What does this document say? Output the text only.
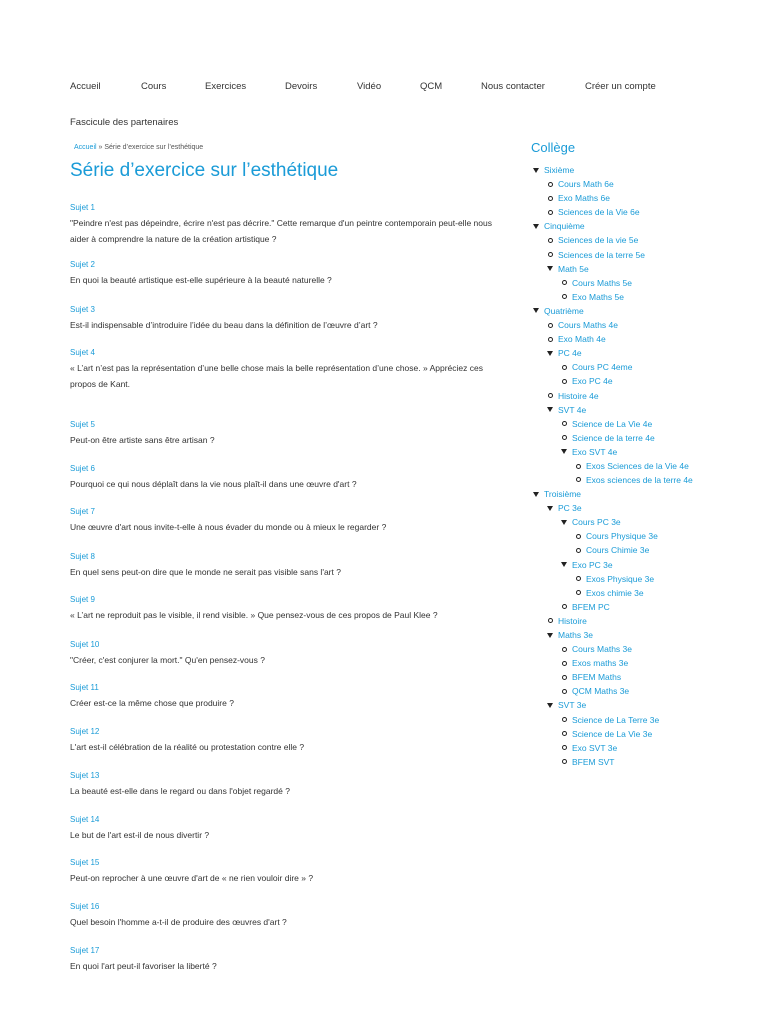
Accueil	Cours	Exercices	Devoirs	Vidéo	QCM	Nous contacter	Créer un compte
Fascicule des partenaires
Accueil » Série d’exercice sur l’esthétique
Série d’exercice sur l’esthétique
Sujet 1
"Peindre n'est pas dépeindre, écrire n'est pas décrire." Cette remarque d'un peintre contemporain peut-elle nous aider à comprendre la nature de la création artistique ?
Sujet 2
En quoi la beauté artistique est-elle supérieure à la beauté naturelle ?
Sujet 3
Est-il indispensable d’introduire l’idée du beau dans la définition de l’œuvre d’art ?
Sujet 4
« L’art n’est pas la représentation d’une belle chose mais la belle représentation d’une chose. » Appréciez ces propos de Kant.
Sujet 5
Peut-on être artiste sans être artisan ?
Sujet 6
Pourquoi ce qui nous déplaît dans la vie nous plaît-il dans une œuvre d'art ?
Sujet 7
Une œuvre d'art nous invite-t-elle à nous évader du monde ou à mieux le regarder ?
Sujet 8
En quel sens peut-on dire que le monde ne serait pas visible sans l'art ?
Sujet 9
« L’art ne reproduit pas le visible, il rend visible. » Que pensez-vous de ces propos de Paul Klee ?
Sujet 10
"Créer, c'est conjurer la mort." Qu'en pensez-vous ?
Sujet 11
Créer est-ce la même chose que produire ?
Sujet 12
L'art est-il célébration de la réalité ou protestation contre elle ?
Sujet 13
La beauté est-elle dans le regard ou dans l'objet regardé ?
Sujet 14
Le but de l'art est-il de nous divertir ?
Sujet 15
Peut-on reprocher à une œuvre d'art de « ne rien vouloir dire » ?
Sujet 16
Quel besoin l'homme a-t-il de produire des œuvres d'art ?
Sujet 17
En quoi l'art peut-il favoriser la liberté ?
Collège
Sixième
Cours Math 6e
Exo Maths 6e
Sciences de la Vie 6e
Cinquième
Sciences de la vie 5e
Sciences de la terre 5e
Math 5e
Cours Maths 5e
Exo Maths 5e
Quatrième
Cours Maths 4e
Exo Math 4e
PC 4e
Cours PC 4eme
Exo PC 4e
Histoire 4e
SVT 4e
Science de La Vie 4e
Science de la terre 4e
Exo SVT 4e
Exos Sciences de la Vie 4e
Exos sciences de la terre 4e
Troisième
PC 3e
Cours PC 3e
Cours Physique 3e
Cours Chimie 3e
Exo PC 3e
Exos Physique 3e
Exos chimie 3e
BFEM PC
Histoire
Maths 3e
Cours Maths 3e
Exos maths 3e
BFEM Maths
QCM Maths 3e
SVT 3e
Science de La Terre 3e
Science de La Vie 3e
Exo SVT 3e
BFEM SVT
